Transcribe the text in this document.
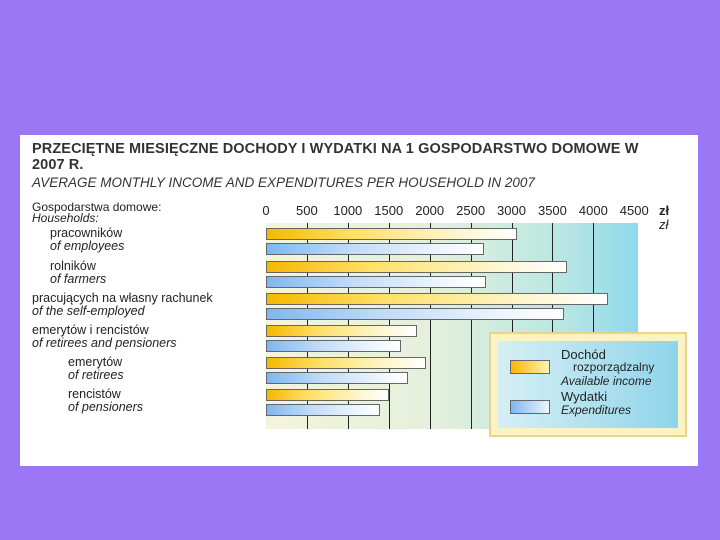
PRZECIĘTNE MIESIĘCZNE DOCHODY I WYDATKI NA 1 GOSPODARSTWO DOMOWE W 2007 R.
AVERAGE MONTHLY INCOME AND EXPENDITURES PER HOUSEHOLD IN 2007
Gospodarstwa domowe:
Households:	0 500 1000 1500 2000 2500 3000 3500 4000 4500 zł
zł
pracowników
of employees
rolników
of farmers
pracujących na własny rachunek
of the self-employed
emerytów i rencistów
of retirees and pensioners
emerytów
of retirees
rencistów
of pensioners
Dochód
rozporządzalny
Available income
Wydatki
Expenditures
